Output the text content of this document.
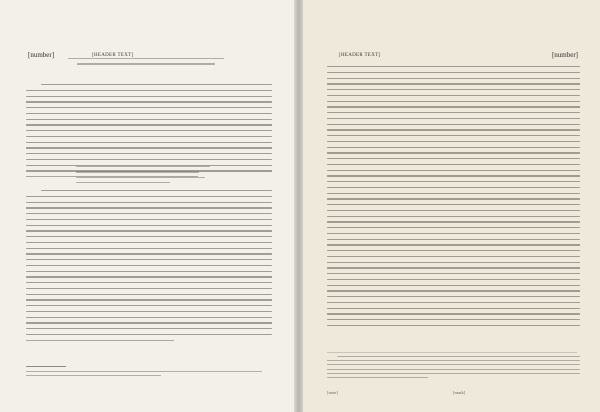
[number]	[HEADER TEXT]	[HEADER TEXT]	[number]
[note]	[mark]
